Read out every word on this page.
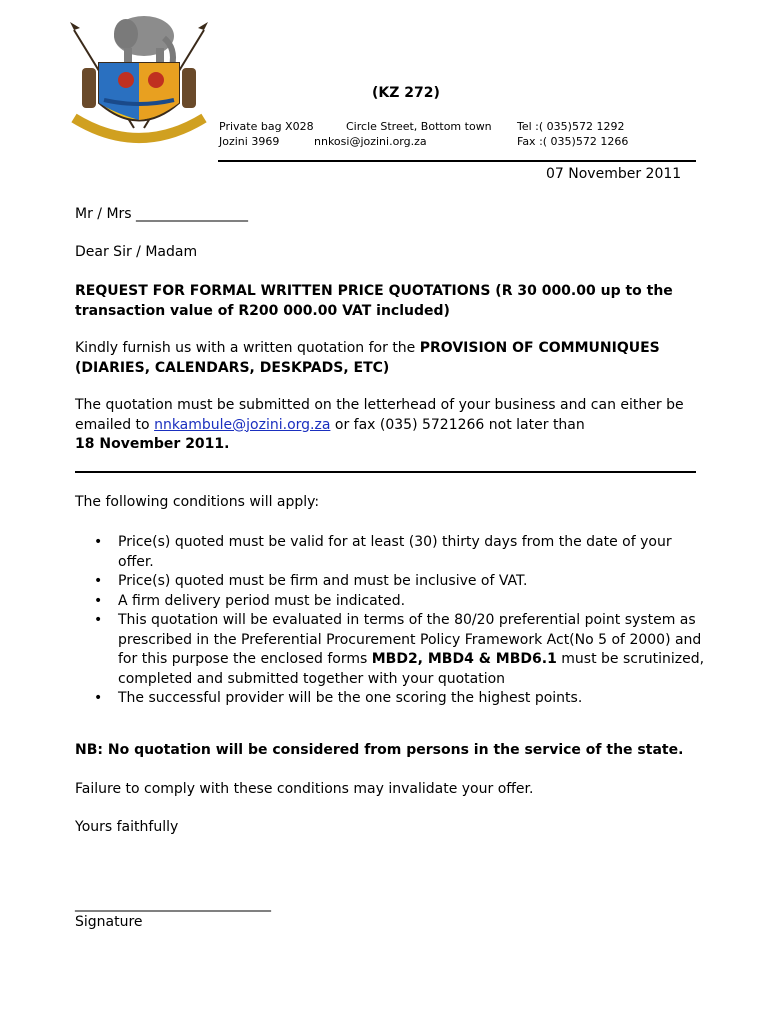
(KZ 272)
Private bag X028
Jozini 3969
Circle Street, Bottom town
nnkosi@jozini.org.za
Tel :( 035)572 1292
Fax :( 035)572 1266
07 November 2011
Mr / Mrs ________________
Dear Sir / Madam
REQUEST FOR FORMAL WRITTEN PRICE QUOTATIONS (R 30 000.00 up to the
transaction value of R200 000.00 VAT included)
Kindly furnish us with a written quotation for the PROVISION OF COMMUNIQUES
(DIARIES, CALENDARS, DESKPADS, ETC)
The quotation must be submitted on the letterhead of your business and can either be
emailed to nnkambule@jozini.org.za or fax (035) 5721266 not later than
18 November 2011.
The following conditions will apply:
• Price(s) quoted must be valid for at least (30) thirty days from the date of your
offer.
• Price(s) quoted must be firm and must be inclusive of VAT.
• A firm delivery period must be indicated.
• This quotation will be evaluated in terms of the 80/20 preferential point system as
prescribed in the Preferential Procurement Policy Framework Act(No 5 of 2000) and
for this purpose the enclosed forms MBD2, MBD4 & MBD6.1 must be scrutinized,
completed and submitted together with your quotation
• The successful provider will be the one scoring the highest points.
NB: No quotation will be considered from persons in the service of the state.
Failure to comply with these conditions may invalidate your offer.
Yours faithfully
____________________________
Signature
